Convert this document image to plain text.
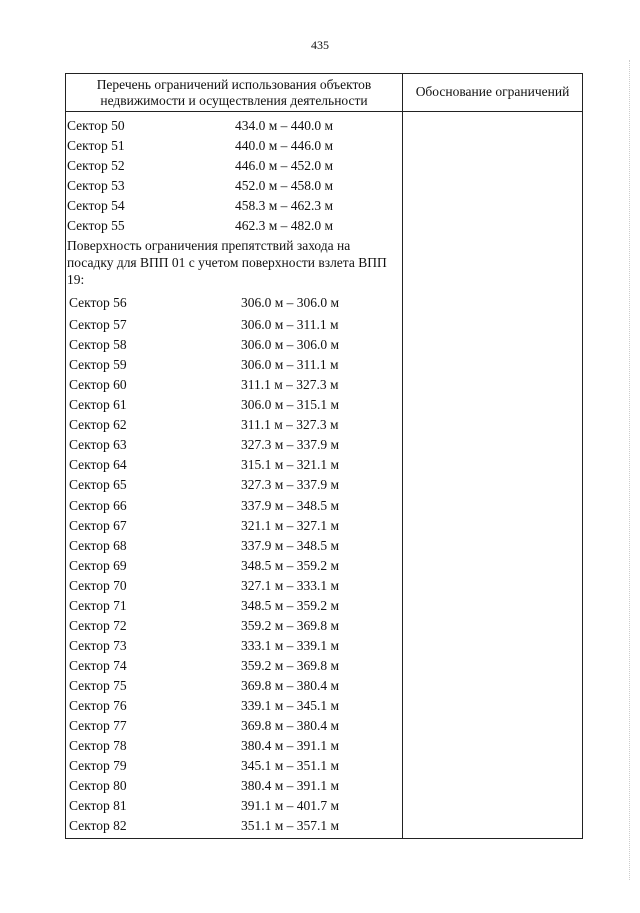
435
Перечень ограничений использования объектов недвижимости и осуществления деятельности
Обоснование ограничений
Поверхность ограничения препятствий захода на посадку для ВПП 01 с учетом поверхности взлета ВПП 19:
Сектор 50	434.0 м – 440.0 м
Сектор 51	440.0 м – 446.0 м
Сектор 52	446.0 м – 452.0 м
Сектор 53	452.0 м – 458.0 м
Сектор 54	458.3 м – 462.3 м
Сектор 55	462.3 м – 482.0 м
Сектор 56	306.0 м – 306.0 м
Сектор 57	306.0 м – 311.1 м
Сектор 58	306.0 м – 306.0 м
Сектор 59	306.0 м – 311.1 м
Сектор 60	311.1 м – 327.3 м
Сектор 61	306.0 м – 315.1 м
Сектор 62	311.1 м – 327.3 м
Сектор 63	327.3 м – 337.9 м
Сектор 64	315.1 м – 321.1 м
Сектор 65	327.3 м – 337.9 м
Сектор 66	337.9 м – 348.5 м
Сектор 67	321.1 м – 327.1 м
Сектор 68	337.9 м – 348.5 м
Сектор 69	348.5 м – 359.2 м
Сектор 70	327.1 м – 333.1 м
Сектор 71	348.5 м – 359.2 м
Сектор 72	359.2 м – 369.8 м
Сектор 73	333.1 м – 339.1 м
Сектор 74	359.2 м – 369.8 м
Сектор 75	369.8 м – 380.4 м
Сектор 76	339.1 м – 345.1 м
Сектор 77	369.8 м – 380.4 м
Сектор 78	380.4 м – 391.1 м
Сектор 79	345.1 м – 351.1 м
Сектор 80	380.4 м – 391.1 м
Сектор 81	391.1 м – 401.7 м
Сектор 82	351.1 м – 357.1 м
